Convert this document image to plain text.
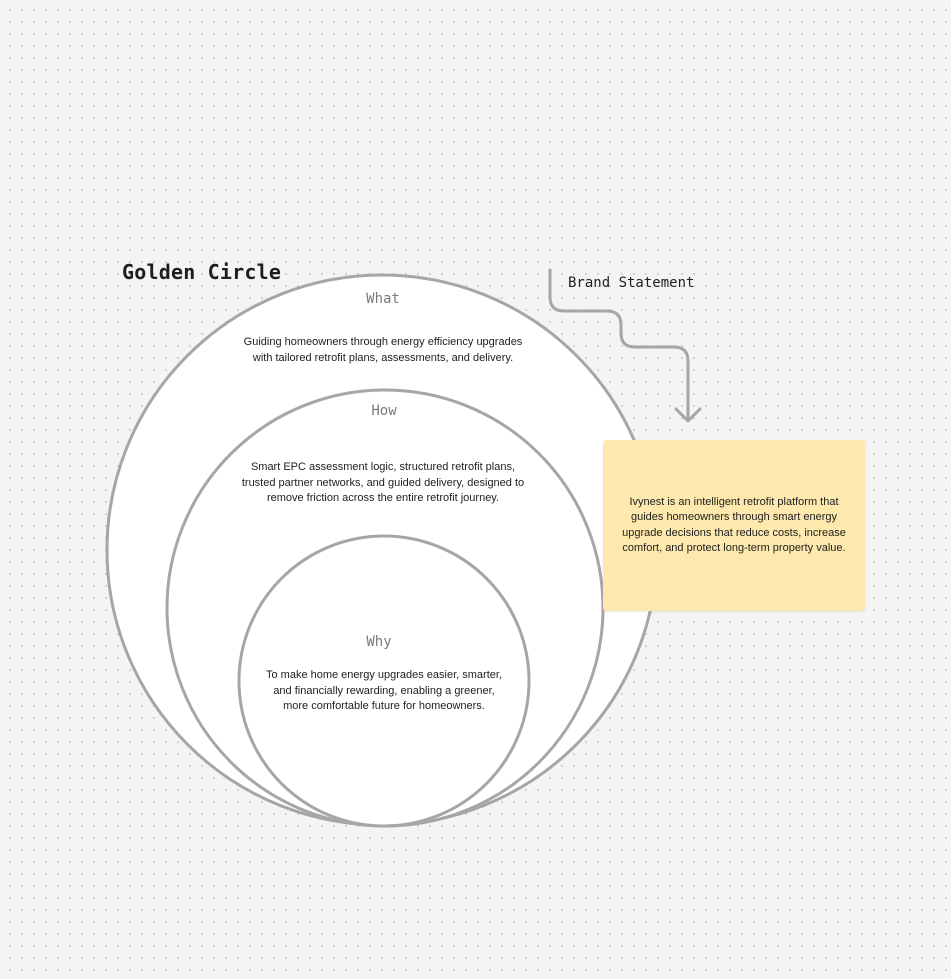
Golden Circle
What
Guiding homeowners through energy efficiency upgrades with tailored retrofit plans, assessments, and delivery.
How
Smart EPC assessment logic, structured retrofit plans, trusted partner networks, and guided delivery, designed to remove friction across the entire retrofit journey.
Why
To make home energy upgrades easier, smarter, and financially rewarding, enabling a greener, more comfortable future for homeowners.
Brand Statement
Ivynest is an intelligent retrofit platform that guides homeowners through smart energy upgrade decisions that reduce costs, increase comfort, and protect long-term property value.
